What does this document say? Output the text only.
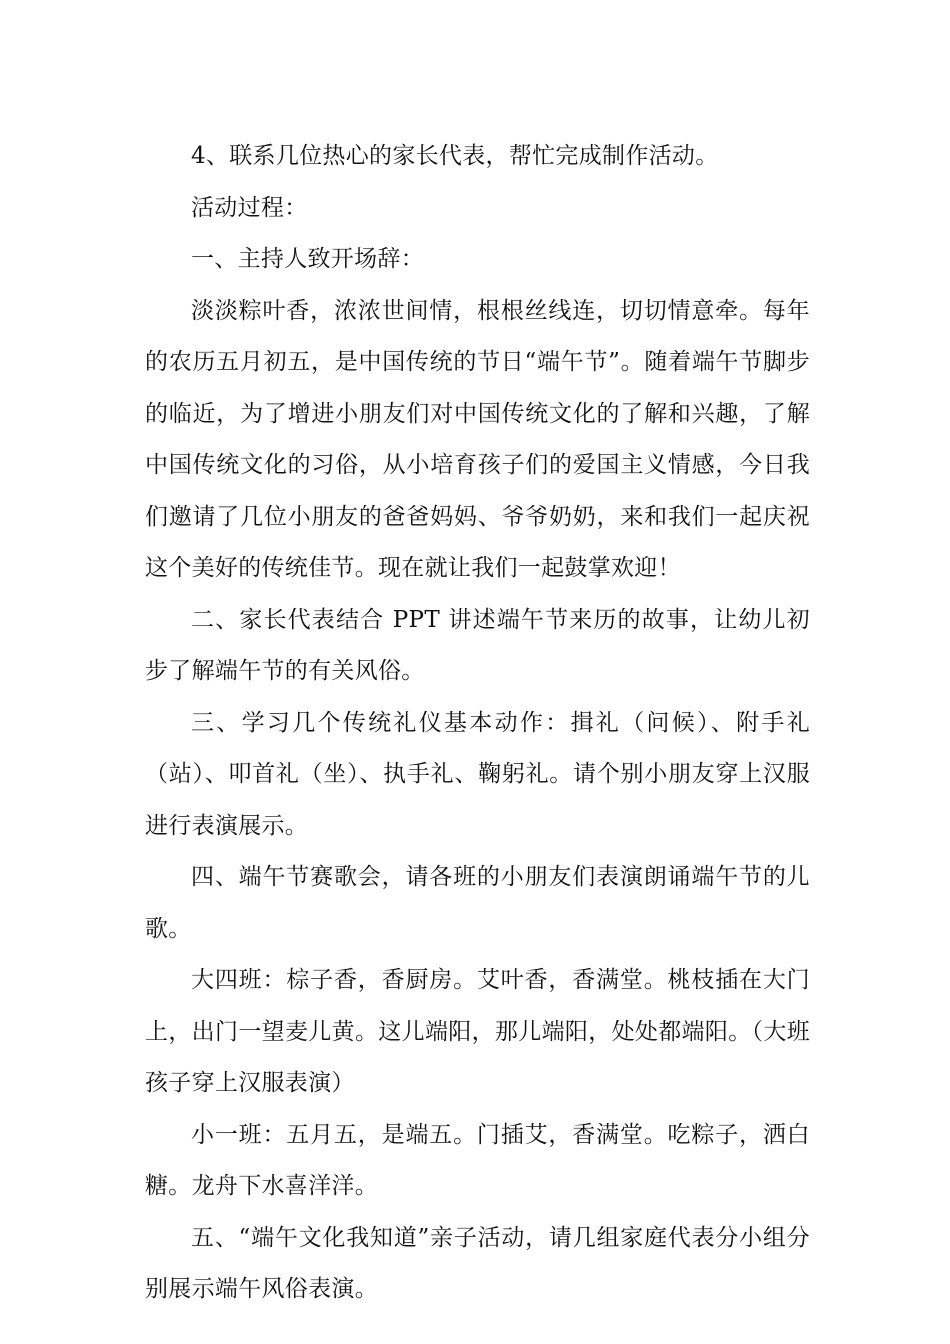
4、联系几位热心的家长代表，帮忙完成制作活动。

活动过程：

一、主持人致开场辞：

淡淡粽叶香，浓浓世间情，根根丝线连，切切情意牵。每年的农历五月初五，是中国传统的节日“端午节”。随着端午节脚步的临近，为了增进小朋友们对中国传统文化的了解和兴趣，了解中国传统文化的习俗，从小培育孩子们的爱国主义情感，今日我们邀请了几位小朋友的爸爸妈妈、爷爷奶奶，来和我们一起庆祝这个美好的传统佳节。现在就让我们一起鼓掌欢迎！

二、家长代表结合 PPT 讲述端午节来历的故事，让幼儿初步了解端午节的有关风俗。

三、学习几个传统礼仪基本动作：揖礼（问候）、附手礼（站）、叩首礼（坐）、执手礼、鞠躬礼。请个别小朋友穿上汉服进行表演展示。

四、端午节赛歌会，请各班的小朋友们表演朗诵端午节的儿歌。

大四班：棕子香，香厨房。艾叶香，香满堂。桃枝插在大门上，出门一望麦儿黄。这儿端阳，那儿端阳，处处都端阳。（大班孩子穿上汉服表演）

小一班：五月五，是端五。门插艾，香满堂。吃粽子，洒白糖。龙舟下水喜洋洋。

五、“端午文化我知道”亲子活动，请几组家庭代表分小组分别展示端午风俗表演。
